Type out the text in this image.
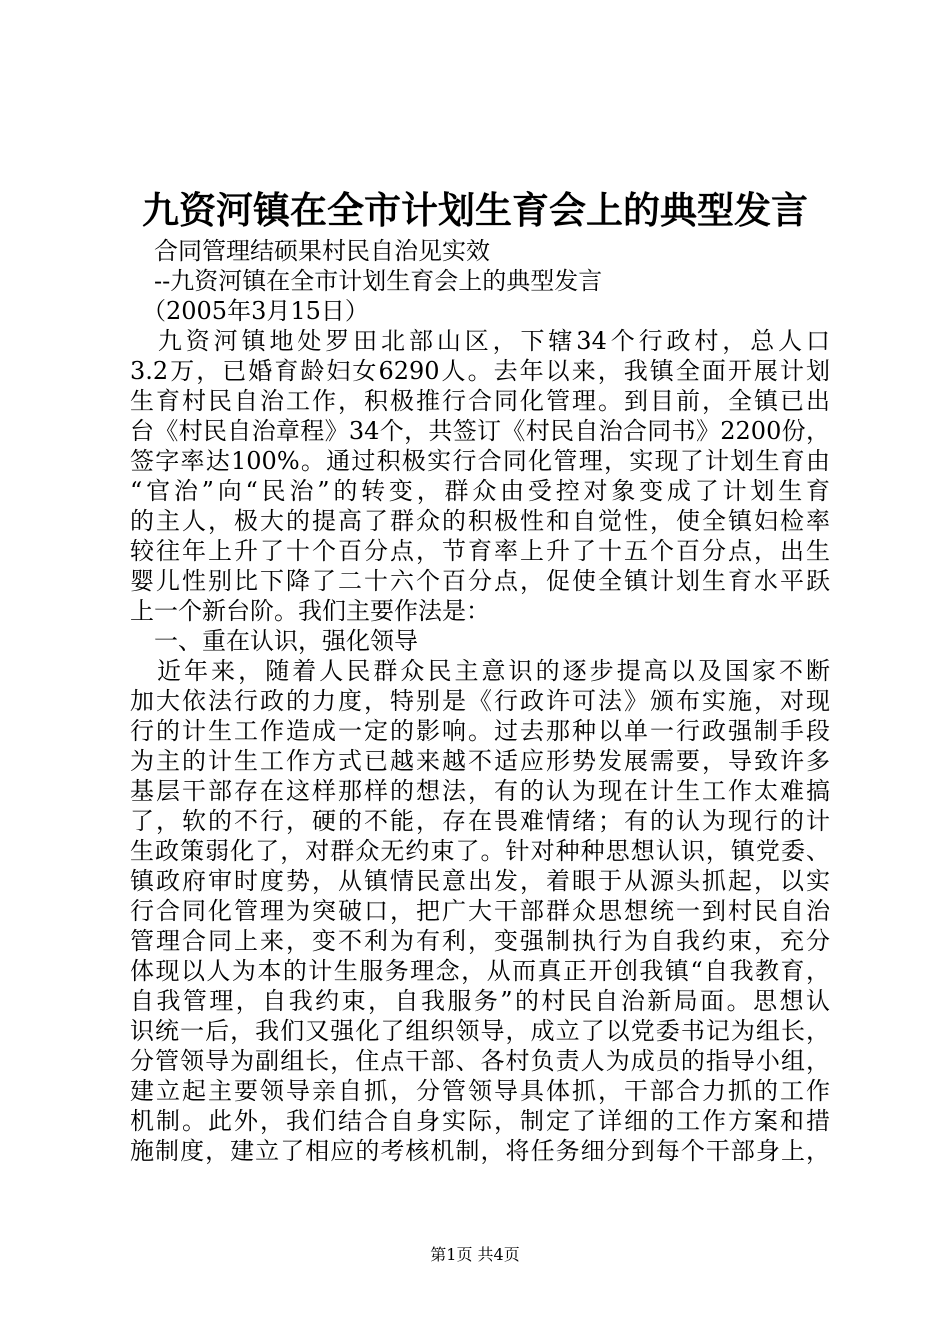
九资河镇在全市计划生育会上的典型发言
　合同管理结硕果村民自治见实效
　--九资河镇在全市计划生育会上的典型发言
　（2005年3月15日）
　九资河镇地处罗田北部山区，下辖34个行政村，总人口
3.2万，已婚育龄妇女6290人。去年以来，我镇全面开展计划
生育村民自治工作，积极推行合同化管理。到目前，全镇已出
台《村民自治章程》34个，共签订《村民自治合同书》2200份，
签字率达100%。通过积极实行合同化管理，实现了计划生育由
“官治”向“民治”的转变，群众由受控对象变成了计划生育
的主人，极大的提高了群众的积极性和自觉性，使全镇妇检率
较往年上升了十个百分点，节育率上升了十五个百分点，出生
婴儿性别比下降了二十六个百分点，促使全镇计划生育水平跃
上一个新台阶。我们主要作法是：
　一、重在认识，强化领导
　近年来，随着人民群众民主意识的逐步提高以及国家不断
加大依法行政的力度，特别是《行政许可法》颁布实施，对现
行的计生工作造成一定的影响。过去那种以单一行政强制手段
为主的计生工作方式已越来越不适应形势发展需要，导致许多
基层干部存在这样那样的想法，有的认为现在计生工作太难搞
了，软的不行，硬的不能，存在畏难情绪；有的认为现行的计
生政策弱化了，对群众无约束了。针对种种思想认识，镇党委、
镇政府审时度势，从镇情民意出发，着眼于从源头抓起，以实
行合同化管理为突破口，把广大干部群众思想统一到村民自治
管理合同上来，变不利为有利，变强制执行为自我约束，充分
体现以人为本的计生服务理念，从而真正开创我镇“自我教育，
自我管理，自我约束，自我服务”的村民自治新局面。思想认
识统一后，我们又强化了组织领导，成立了以党委书记为组长，
分管领导为副组长，住点干部、各村负责人为成员的指导小组，
建立起主要领导亲自抓，分管领导具体抓，干部合力抓的工作
机制。此外，我们结合自身实际，制定了详细的工作方案和措
施制度，建立了相应的考核机制，将任务细分到每个干部身上，
第1页 共4页
